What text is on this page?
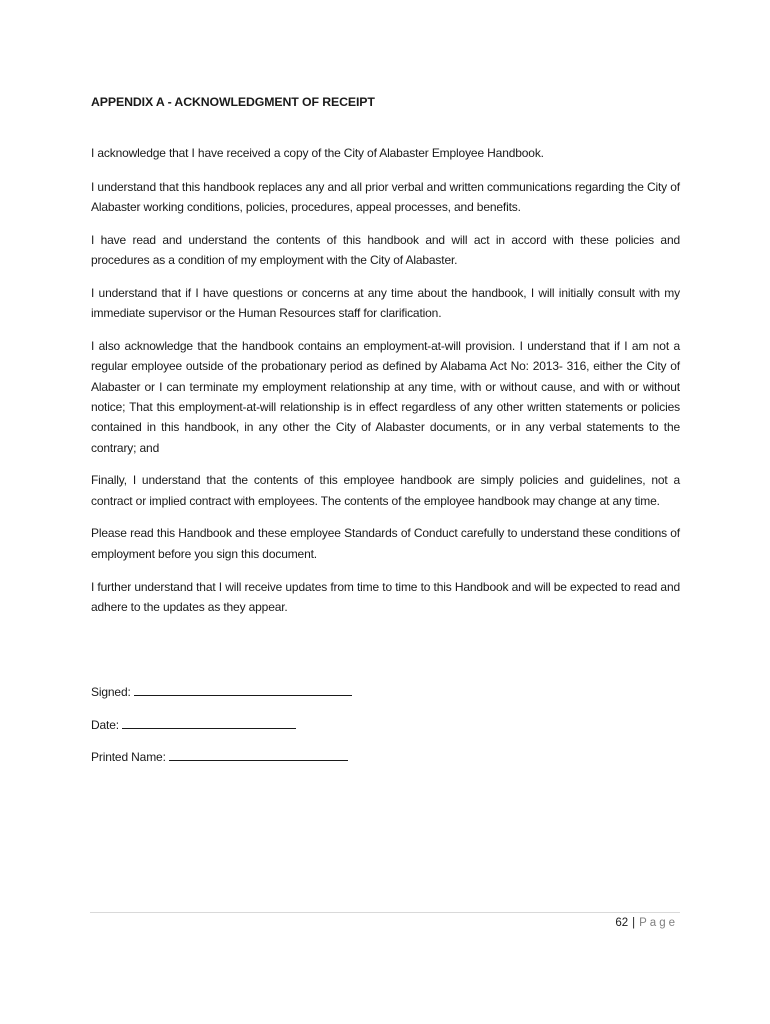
APPENDIX A - ACKNOWLEDGMENT OF RECEIPT

I acknowledge that I have received a copy of the City of Alabaster Employee Handbook.

I understand that this handbook replaces any and all prior verbal and written communications regarding the City of Alabaster working conditions, policies, procedures, appeal processes, and benefits.

I have read and understand the contents of this handbook and will act in accord with these policies and procedures as a condition of my employment with the City of Alabaster.

I understand that if I have questions or concerns at any time about the handbook, I will initially consult with my immediate supervisor or the Human Resources staff for clarification.

I also acknowledge that the handbook contains an employment-at-will provision. I understand that if I am not a regular employee outside of the probationary period as defined by Alabama Act No: 2013- 316, either the City of Alabaster or I can terminate my employment relationship at any time, with or without cause, and with or without notice; That this employment-at-will relationship is in effect regardless of any other written statements or policies contained in this handbook, in any other the City of Alabaster documents, or in any verbal statements to the contrary; and

Finally, I understand that the contents of this employee handbook are simply policies and guidelines, not a contract or implied contract with employees. The contents of the employee handbook may change at any time.

Please read this Handbook and these employee Standards of Conduct carefully to understand these conditions of employment before you sign this document.

I further understand that I will receive updates from time to time to this Handbook and will be expected to read and adhere to the updates as they appear.

Signed:
Date:
Printed Name:
62 | Page
